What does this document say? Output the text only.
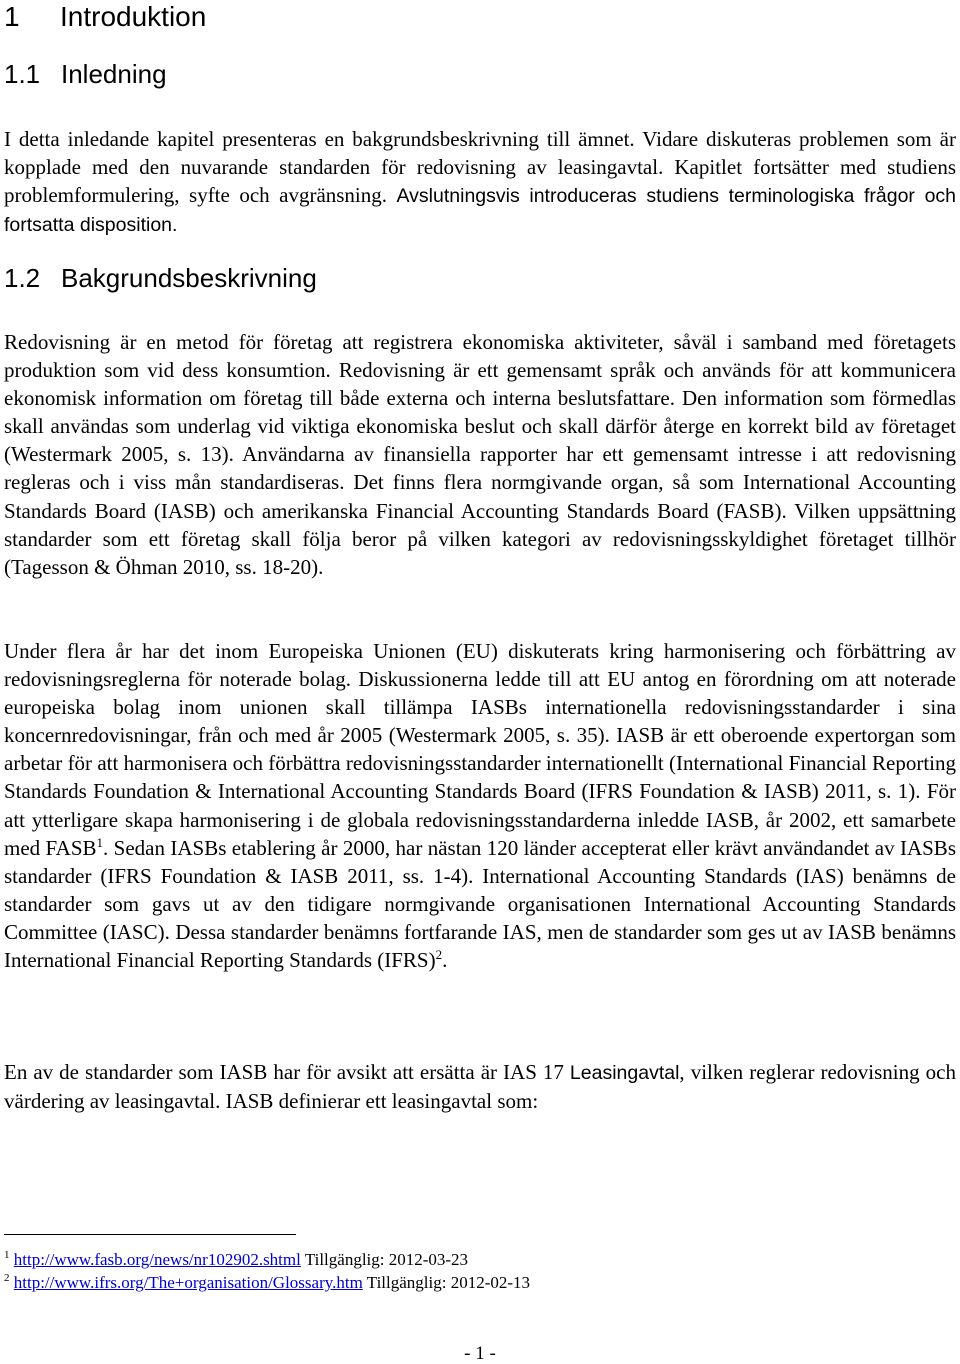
1 Introduktion
1.1 Inledning

I detta inledande kapitel presenteras en bakgrundsbeskrivning till ämnet. Vidare diskuteras problemen som är kopplade med den nuvarande standarden för redovisning av leasingavtal. Kapitlet fortsätter med studiens problemformulering, syfte och avgränsning. Avslutningsvis introduceras studiens terminologiska frågor och fortsatta disposition.

1.2 Bakgrundsbeskrivning

Redovisning är en metod för företag att registrera ekonomiska aktiviteter, såväl i samband med företagets produktion som vid dess konsumtion. Redovisning är ett gemensamt språk och används för att kommunicera ekonomisk information om företag till både externa och interna beslutsfattare. Den information som förmedlas skall användas som underlag vid viktiga ekonomiska beslut och skall därför återge en korrekt bild av företaget (Westermark 2005, s. 13). Användarna av finansiella rapporter har ett gemensamt intresse i att redovisning regleras och i viss mån standardiseras. Det finns flera normgivande organ, så som International Accounting Standards Board (IASB) och amerikanska Financial Accounting Standards Board (FASB). Vilken uppsättning standarder som ett företag skall följa beror på vilken kategori av redovisningsskyldighet företaget tillhör (Tagesson & Öhman 2010, ss. 18-20).

Under flera år har det inom Europeiska Unionen (EU) diskuterats kring harmonisering och förbättring av redovisningsreglerna för noterade bolag. Diskussionerna ledde till att EU antog en förordning om att noterade europeiska bolag inom unionen skall tillämpa IASBs internationella redovisningsstandarder i sina koncernredovisningar, från och med år 2005 (Westermark 2005, s. 35). IASB är ett oberoende expertorgan som arbetar för att harmonisera och förbättra redovisningsstandarder internationellt (International Financial Reporting Standards Foundation & International Accounting Standards Board (IFRS Foundation & IASB) 2011, s. 1). För att ytterligare skapa harmonisering i de globala redovisningsstandarderna inledde IASB, år 2002, ett samarbete med FASB$^1$. Sedan IASBs etablering år 2000, har nästan 120 länder accepterat eller krävt användandet av IASBs standarder (IFRS Foundation & IASB 2011, ss. 1-4). International Accounting Standards (IAS) benämns de standarder som gavs ut av den tidigare normgivande organisationen International Accounting Standards Committee (IASC). Dessa standarder benämns fortfarande IAS, men de standarder som ges ut av IASB benämns International Financial Reporting Standards (IFRS)$^2$.

En av de standarder som IASB har för avsikt att ersätta är IAS 17 Leasingavtal, vilken reglerar redovisning och värdering av leasingavtal. IASB definierar ett leasingavtal som:

$^1$ http://www.fasb.org/news/nr102902.shtml Tillgänglig: 2012-03-23
$^2$ http://www.ifrs.org/The+organisation/Glossary.htm Tillgänglig: 2012-02-13
- 1 -
